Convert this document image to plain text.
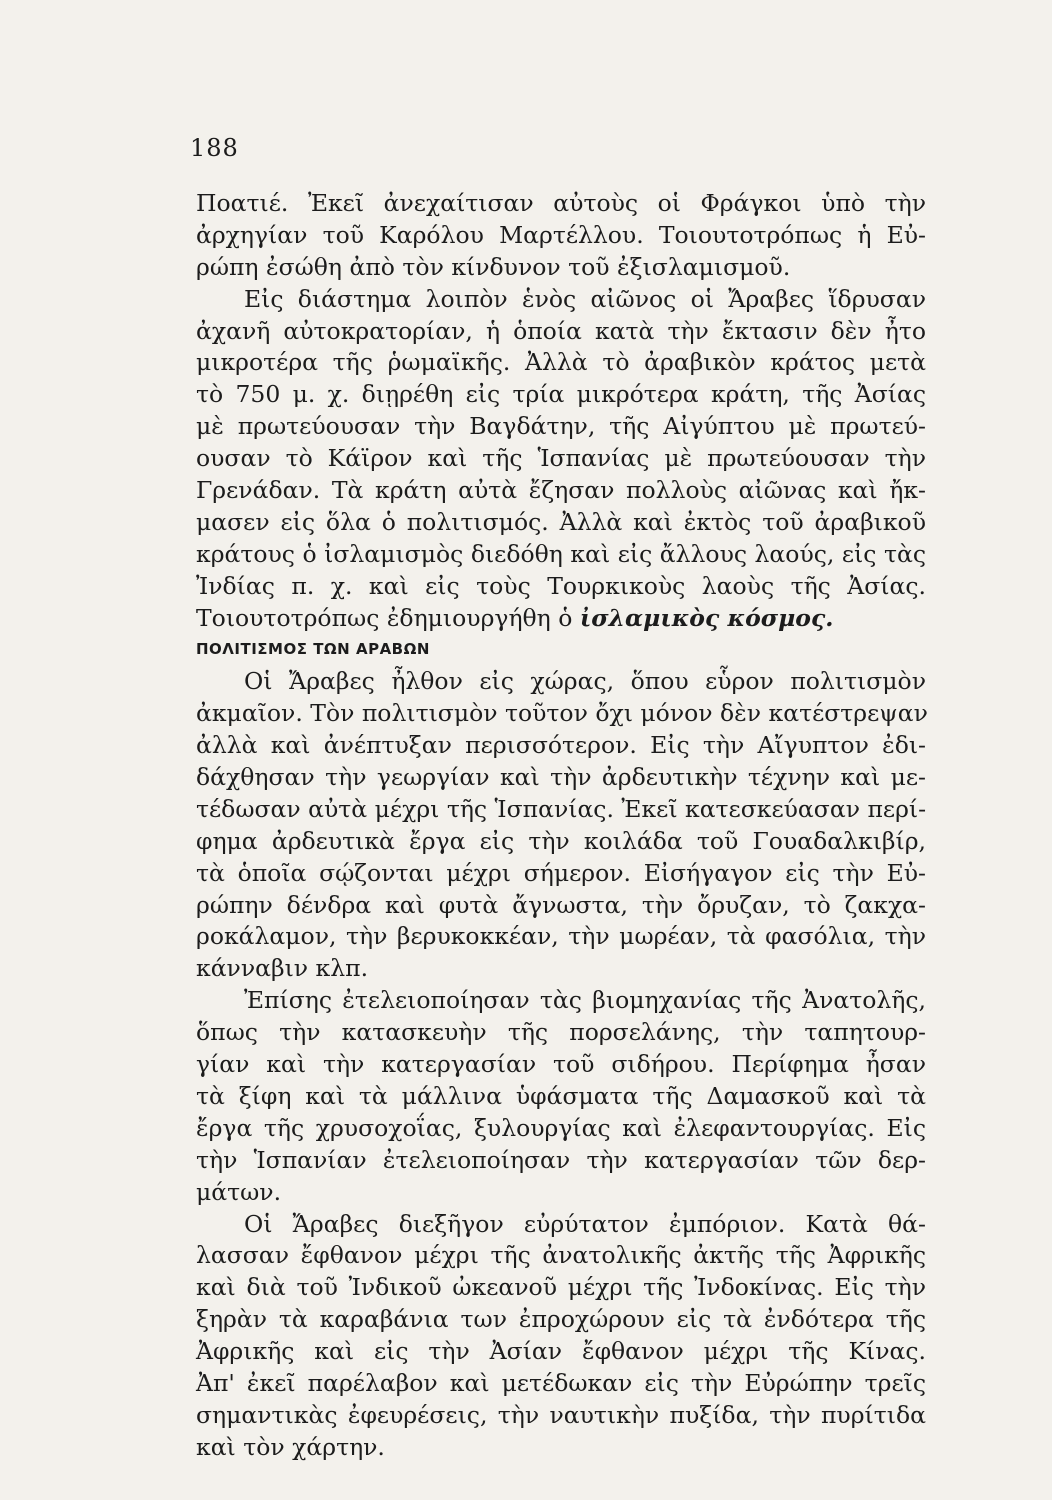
188
Ποατιέ. Ἐκεῖ ἀνεχαίτισαν αὐτοὺς οἱ Φράγκοι ὑπὸ τὴν
ἀρχηγίαν τοῦ Καρόλου Μαρτέλλου. Τοιουτοτρόπως ἡ Εὐ-
ρώπη ἐσώθη ἀπὸ τὸν κίνδυνον τοῦ ἐξισλαμισμοῦ.
Εἰς διάστημα λοιπὸν ἑνὸς αἰῶνος οἱ Ἄραβες ἵδρυσαν
ἀχανῆ αὐτοκρατορίαν, ἡ ὁποία κατὰ τὴν ἔκτασιν δὲν ἦτο
μικροτέρα τῆς ῥωμαϊκῆς. Ἀλλὰ τὸ ἀραβικὸν κράτος μετὰ
τὸ 750 μ. χ. διῃρέθη εἰς τρία μικρότερα κράτη, τῆς Ἀσίας
μὲ πρωτεύουσαν τὴν Βαγδάτην, τῆς Αἰγύπτου μὲ πρωτεύ-
ουσαν τὸ Κάϊρον καὶ τῆς Ἱσπανίας μὲ πρωτεύουσαν τὴν
Γρενάδαν. Τὰ κράτη αὐτὰ ἔζησαν πολλοὺς αἰῶνας καὶ ἤκ-
μασεν εἰς ὅλα ὁ πολιτισμός. Ἀλλὰ καὶ ἐκτὸς τοῦ ἀραβικοῦ
κράτους ὁ ἰσλαμισμὸς διεδόθη καὶ εἰς ἄλλους λαούς, εἰς τὰς
Ἰνδίας π. χ. καὶ εἰς τοὺς Τουρκικοὺς λαοὺς τῆς Ἀσίας.
Τοιουτοτρόπως ἐδημιουργήθη ὁ ἰσλαμικὸς κόσμος.
ΠΟΛΙΤΙΣΜΟΣ ΤΩΝ ΑΡΑΒΩΝ
Οἱ Ἄραβες ἦλθον εἰς χώρας, ὅπου εὗρον πολιτισμὸν
ἀκμαῖον. Τὸν πολιτισμὸν τοῦτον ὄχι μόνον δὲν κατέστρεψαν
ἀλλὰ καὶ ἀνέπτυξαν περισσότερον. Εἰς τὴν Αἴγυπτον ἐδι-
δάχθησαν τὴν γεωργίαν καὶ τὴν ἀρδευτικὴν τέχνην καὶ με-
τέδωσαν αὐτὰ μέχρι τῆς Ἱσπανίας. Ἐκεῖ κατεσκεύασαν περί-
φημα ἀρδευτικὰ ἔργα εἰς τὴν κοιλάδα τοῦ Γουαδαλκιβίρ,
τὰ ὁποῖα σῴζονται μέχρι σήμερον. Εἰσήγαγον εἰς τὴν Εὐ-
ρώπην δένδρα καὶ φυτὰ ἄγνωστα, τὴν ὄρυζαν, τὸ ζακχα-
ροκάλαμον, τὴν βερυκοκκέαν, τὴν μωρέαν, τὰ φασόλια, τὴν
κάνναβιν κλπ.
Ἐπίσης ἐτελειοποίησαν τὰς βιομηχανίας τῆς Ἀνατολῆς,
ὅπως τὴν κατασκευὴν τῆς πορσελάνης, τὴν ταπητουρ-
γίαν καὶ τὴν κατεργασίαν τοῦ σιδήρου. Περίφημα ἦσαν
τὰ ξίφη καὶ τὰ μάλλινα ὑφάσματα τῆς Δαμασκοῦ καὶ τὰ
ἔργα τῆς χρυσοχοΐας, ξυλουργίας καὶ ἐλεφαντουργίας. Εἰς
τὴν Ἱσπανίαν ἐτελειοποίησαν τὴν κατεργασίαν τῶν δερ-
μάτων.
Οἱ Ἄραβες διεξῆγον εὐρύτατον ἐμπόριον. Κατὰ θά-
λασσαν ἔφθανον μέχρι τῆς ἀνατολικῆς ἀκτῆς τῆς Ἀφρικῆς
καὶ διὰ τοῦ Ἰνδικοῦ ὠκεανοῦ μέχρι τῆς Ἰνδοκίνας. Εἰς τὴν
ξηρὰν τὰ καραβάνια των ἐπροχώρουν εἰς τὰ ἐνδότερα τῆς
Ἀφρικῆς καὶ εἰς τὴν Ἀσίαν ἔφθανον μέχρι τῆς Κίνας.
Ἀπ' ἐκεῖ παρέλαβον καὶ μετέδωκαν εἰς τὴν Εὐρώπην τρεῖς
σημαντικὰς ἐφευρέσεις, τὴν ναυτικὴν πυξίδα, τὴν πυρίτιδα
καὶ τὸν χάρτην.
